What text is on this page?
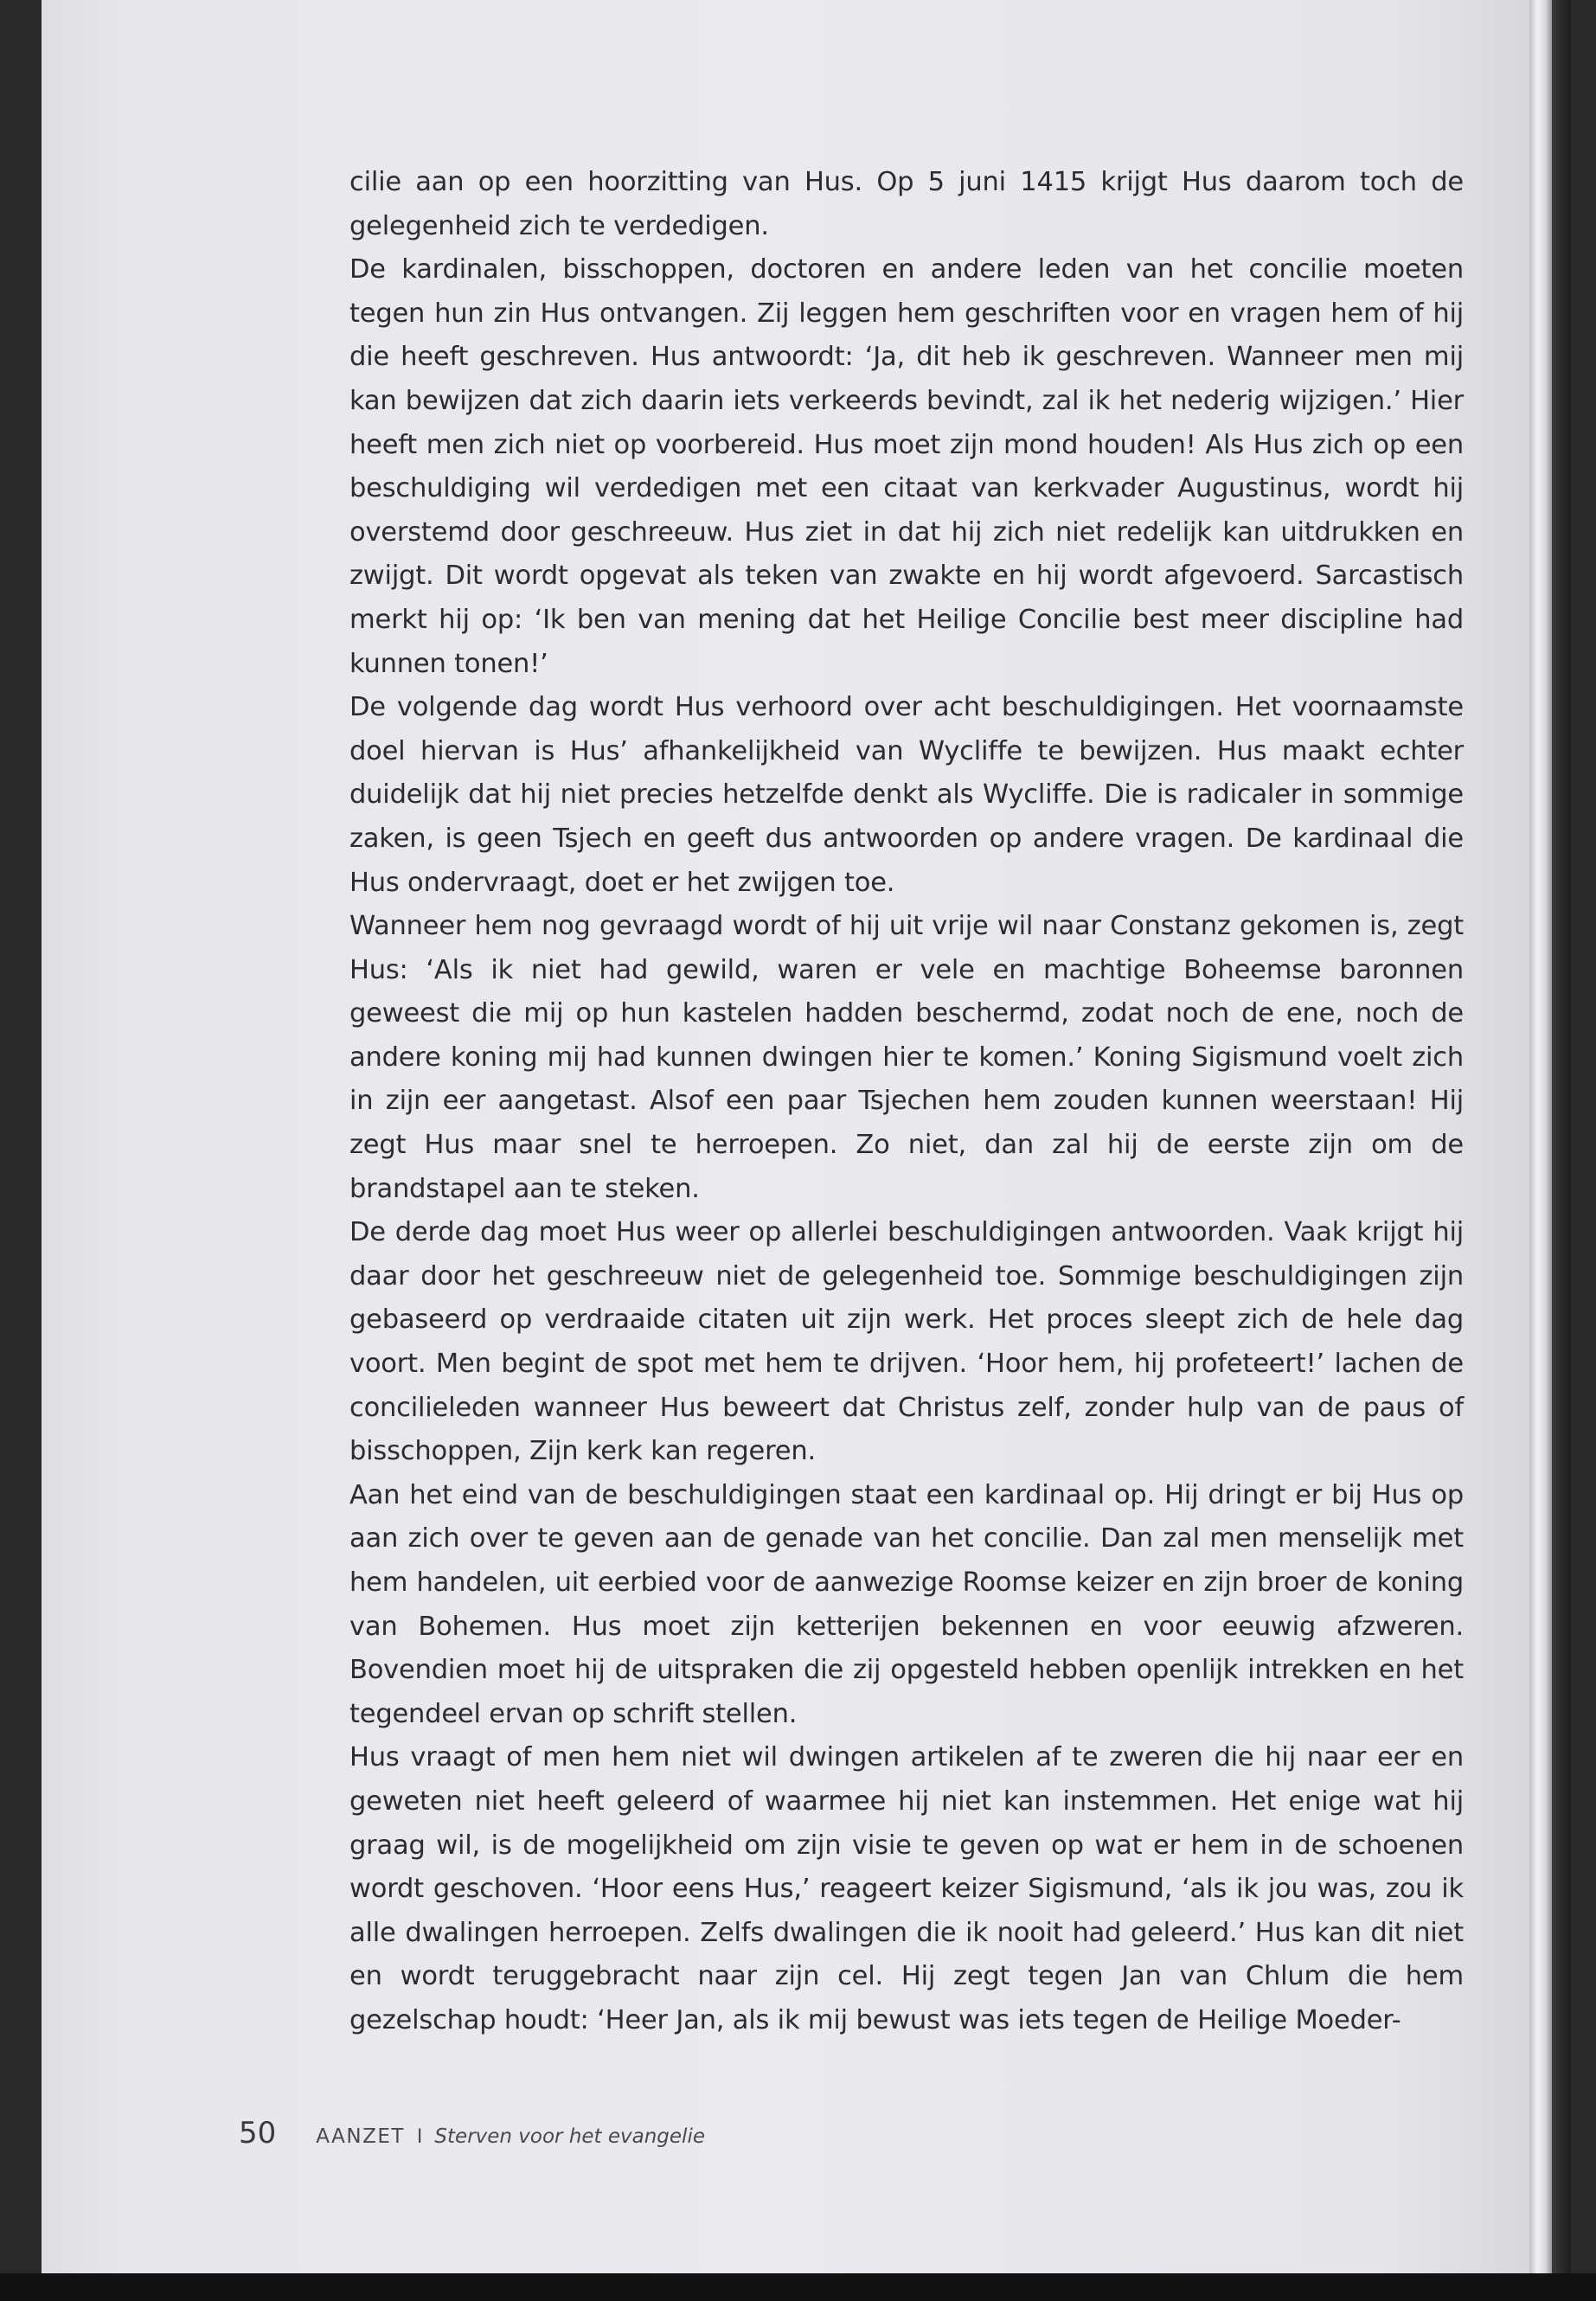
cilie aan op een hoorzitting van Hus. Op 5 juni 1415 krijgt Hus daarom toch de gelegenheid zich te verdedigen.

De kardinalen, bisschoppen, doctoren en andere leden van het concilie moeten tegen hun zin Hus ontvangen. Zij leggen hem geschriften voor en vragen hem of hij die heeft geschreven. Hus antwoordt: ‘Ja, dit heb ik geschreven. Wanneer men mij kan bewijzen dat zich daarin iets verkeerds bevindt, zal ik het nederig wijzigen.’ Hier heeft men zich niet op voorbereid. Hus moet zijn mond houden! Als Hus zich op een beschuldiging wil verdedigen met een citaat van kerkvader Augustinus, wordt hij overstemd door geschreeuw. Hus ziet in dat hij zich niet redelijk kan uitdrukken en zwijgt. Dit wordt opgevat als teken van zwakte en hij wordt afgevoerd. Sarcastisch merkt hij op: ‘Ik ben van mening dat het Heilige Concilie best meer discipline had kunnen tonen!’

De volgende dag wordt Hus verhoord over acht beschuldigingen. Het voornaamste doel hiervan is Hus’ afhankelijkheid van Wycliffe te bewijzen. Hus maakt echter duidelijk dat hij niet precies hetzelfde denkt als Wycliffe. Die is radicaler in sommige zaken, is geen Tsjech en geeft dus antwoorden op andere vragen. De kardinaal die Hus ondervraagt, doet er het zwijgen toe.

Wanneer hem nog gevraagd wordt of hij uit vrije wil naar Constanz gekomen is, zegt Hus: ‘Als ik niet had gewild, waren er vele en machtige Boheemse baronnen geweest die mij op hun kastelen hadden beschermd, zodat noch de ene, noch de andere koning mij had kunnen dwingen hier te komen.’ Koning Sigismund voelt zich in zijn eer aangetast. Alsof een paar Tsjechen hem zouden kunnen weerstaan! Hij zegt Hus maar snel te herroepen. Zo niet, dan zal hij de eerste zijn om de brandstapel aan te steken.

De derde dag moet Hus weer op allerlei beschuldigingen antwoorden. Vaak krijgt hij daar door het geschreeuw niet de gelegenheid toe. Sommige beschuldigingen zijn gebaseerd op verdraaide citaten uit zijn werk. Het proces sleept zich de hele dag voort. Men begint de spot met hem te drijven. ‘Hoor hem, hij profeteert!’ lachen de concilieleden wanneer Hus beweert dat Christus zelf, zonder hulp van de paus of bisschoppen, Zijn kerk kan regeren.

Aan het eind van de beschuldigingen staat een kardinaal op. Hij dringt er bij Hus op aan zich over te geven aan de genade van het concilie. Dan zal men menselijk met hem handelen, uit eerbied voor de aanwezige Roomse keizer en zijn broer de koning van Bohemen. Hus moet zijn ketterijen bekennen en voor eeuwig afzweren. Bovendien moet hij de uitspraken die zij opgesteld hebben openlijk intrekken en het tegendeel ervan op schrift stellen.

Hus vraagt of men hem niet wil dwingen artikelen af te zweren die hij naar eer en geweten niet heeft geleerd of waarmee hij niet kan instemmen. Het enige wat hij graag wil, is de mogelijkheid om zijn visie te geven op wat er hem in de schoenen wordt geschoven. ‘Hoor eens Hus,’ reageert keizer Sigismund, ‘als ik jou was, zou ik alle dwalingen herroepen. Zelfs dwalingen die ik nooit had geleerd.’ Hus kan dit niet en wordt teruggebracht naar zijn cel. Hij zegt tegen Jan van Chlum die hem gezelschap houdt: ‘Heer Jan, als ik mij bewust was iets tegen de Heilige Moeder-

50 AANZET I Sterven voor het evangelie
